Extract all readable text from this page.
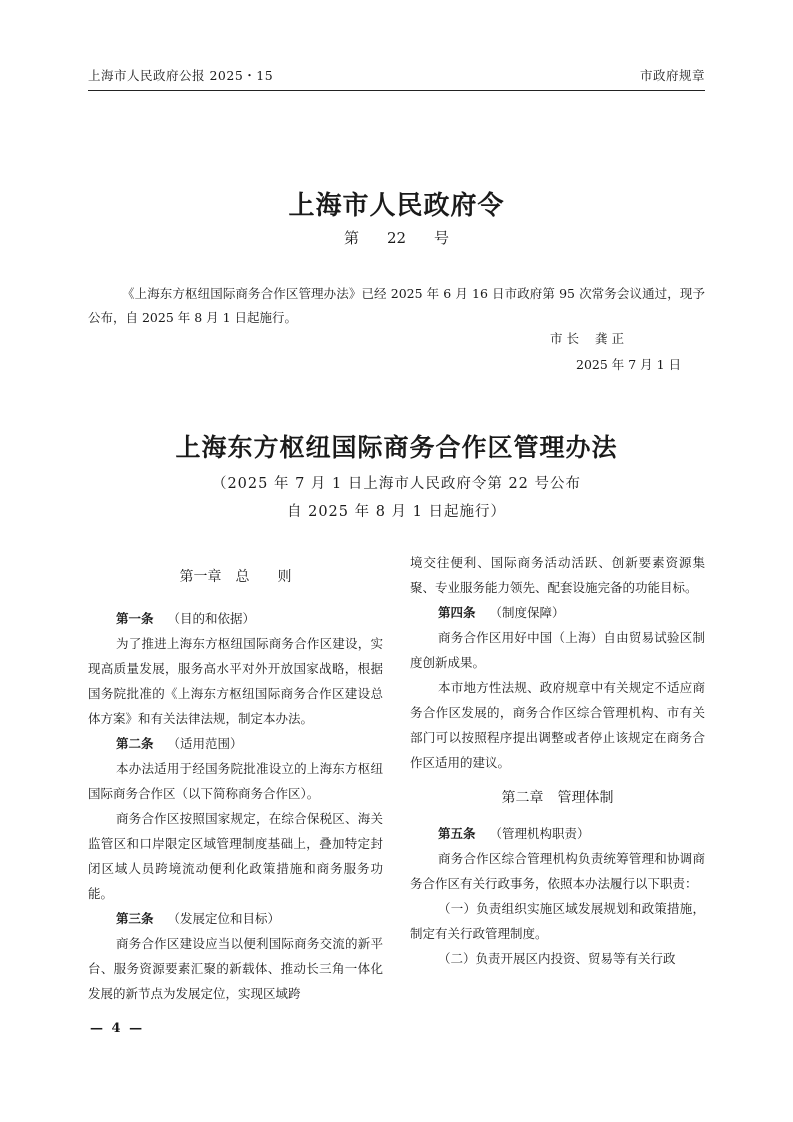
上海市人民政府公报 2025・15	市政府规章
上海市人民政府令
第 22 号
《上海东方枢纽国际商务合作区管理办法》已经 2025 年 6 月 16 日市政府第 95 次常务会议通过，现予公布，自 2025 年 8 月 1 日起施行。
市 长 龚 正
2025 年 7 月 1 日
上海东方枢纽国际商务合作区管理办法
（2025 年 7 月 1 日上海市人民政府令第 22 号公布
自 2025 年 8 月 1 日起施行）
第一章　总　　则

第一条 （目的和依据）

为了推进上海东方枢纽国际商务合作区建设，实现高质量发展，服务高水平对外开放国家战略，根据国务院批准的《上海东方枢纽国际商务合作区建设总体方案》和有关法律法规，制定本办法。

第二条 （适用范围）

本办法适用于经国务院批准设立的上海东方枢纽国际商务合作区（以下简称商务合作区）。

商务合作区按照国家规定，在综合保税区、海关监管区和口岸限定区域管理制度基础上，叠加特定封闭区域人员跨境流动便利化政策措施和商务服务功能。

第三条 （发展定位和目标）

商务合作区建设应当以便利国际商务交流的新平台、服务资源要素汇聚的新载体、推动长三角一体化发展的新节点为发展定位，实现区域跨

境交往便利、国际商务活动活跃、创新要素资源集聚、专业服务能力领先、配套设施完备的功能目标。

第四条 （制度保障）

商务合作区用好中国（上海）自由贸易试验区制度创新成果。

本市地方性法规、政府规章中有关规定不适应商务合作区发展的，商务合作区综合管理机构、市有关部门可以按照程序提出调整或者停止该规定在商务合作区适用的建议。

第二章　管理体制

第五条 （管理机构职责）

商务合作区综合管理机构负责统筹管理和协调商务合作区有关行政事务，依照本办法履行以下职责：

（一）负责组织实施区域发展规划和政策措施，制定有关行政管理制度。

（二）负责开展区内投资、贸易等有关行政

— 4 —
